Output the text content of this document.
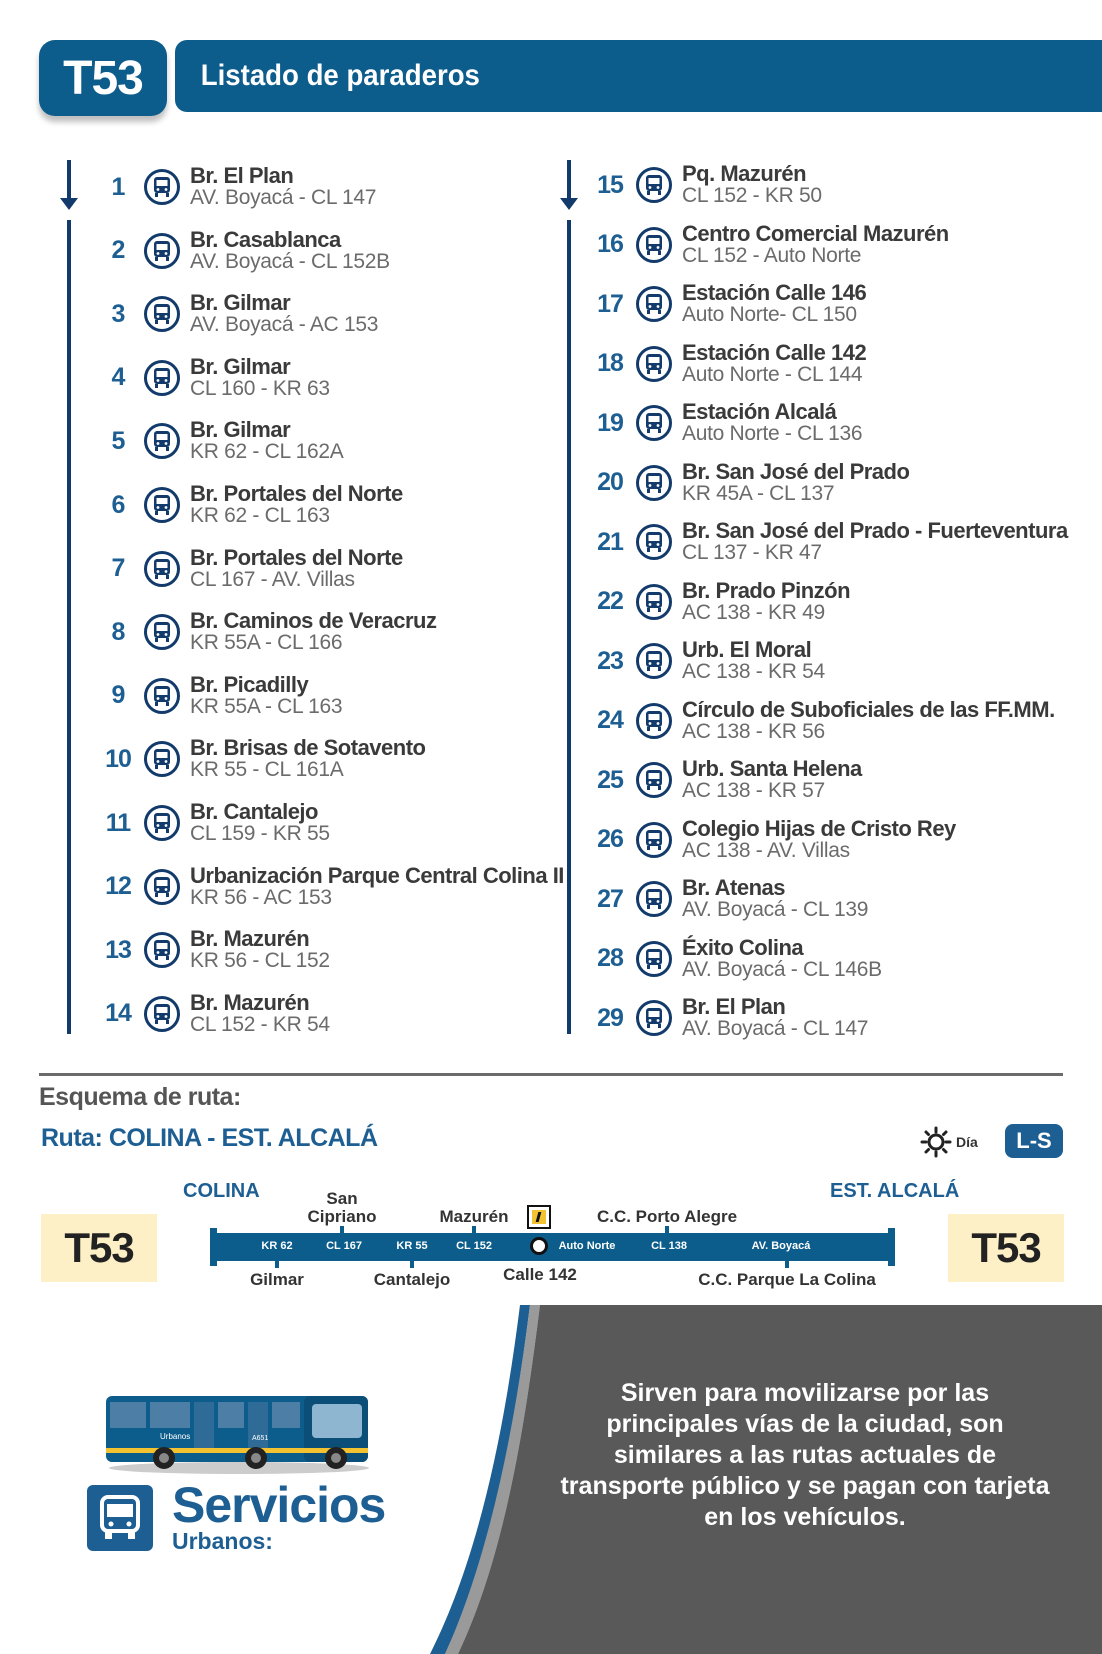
T53	Listado de paraderos
1	Br. El Plan
AV. Boyacá - CL 147
2	Br. Casablanca
AV. Boyacá - CL 152B
3	Br. Gilmar
AV. Boyacá - AC 153
4	Br. Gilmar
CL 160 - KR 63
5	Br. Gilmar
KR 62 - CL 162A
6	Br. Portales del Norte
KR 62 - CL 163
7	Br. Portales del Norte
CL 167 - AV. Villas
8	Br. Caminos de Veracruz
KR 55A - CL 166
9	Br. Picadilly
KR 55A - CL 163
10	Br. Brisas de Sotavento
KR 55 - CL 161A
11	Br. Cantalejo
CL 159 - KR 55
12	Urbanización Parque Central Colina II
KR 56 - AC 153
13	Br. Mazurén
KR 56 - CL 152
14	Br. Mazurén
CL 152 - KR 54
15	Pq. Mazurén
CL 152 - KR 50
16	Centro Comercial Mazurén
CL 152 - Auto Norte
17	Estación Calle 146
Auto Norte- CL 150
18	Estación Calle 142
Auto Norte - CL 144
19	Estación Alcalá
Auto Norte - CL 136
20	Br. San José del Prado
KR 45A - CL 137
21	Br. San José del Prado - Fuerteventura
CL 137 - KR 47
22	Br. Prado Pinzón
AC 138 - KR 49
23	Urb. El Moral
AC 138 - KR 54
24	Círculo de Suboficiales de las FF.MM.
AC 138 - KR 56
25	Urb. Santa Helena
AC 138 - KR 57
26	Colegio Hijas de Cristo Rey
AC 138 - AV. Villas
27	Br. Atenas
AV. Boyacá - CL 139
28	Éxito Colina
AV. Boyacá - CL 146B
29	Br. El Plan
AV. Boyacá - CL 147
Esquema de ruta:
Ruta: COLINA - EST. ALCALÁ	Día	L-S
T53	T53
COLINA	EST. ALCALÁ
KR 62	CL 167	KR 55	CL 152	Auto Norte	CL 138	AV. Boyacá
San Cipriano	Mazurén	C.C. Porto Alegre
Gilmar	Cantalejo	Calle 142	C.C. Parque La Colina
Sirven para movilizarse por las principales vías de la ciudad, son similares a las rutas actuales de transporte público y se pagan con tarjeta en los vehículos.
Urbanos	A651
Servicios
Urbanos:
